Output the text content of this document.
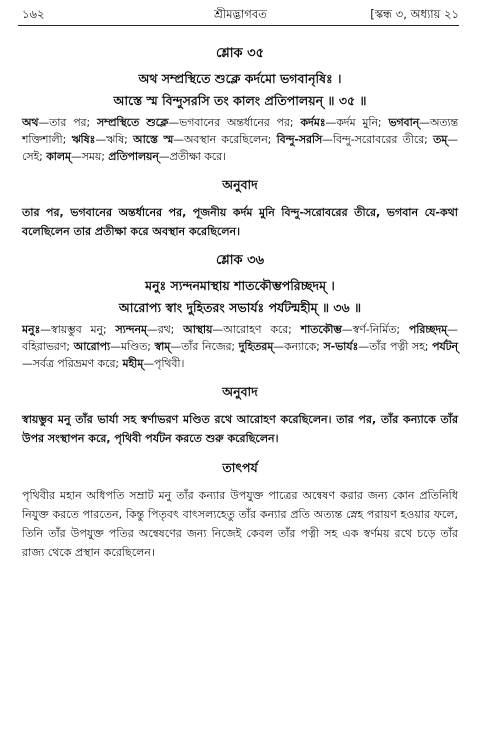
১৬২	শ্রীমদ্ভাগবত	[স্কন্ধ ৩, অধ্যায় ২১
শ্লোক ৩৫
অথ সম্প্রস্থিতে শুক্লে কর্দমো ভগবানৃষিঃ ।
আস্তে স্ম বিন্দুসরসি তং কালং প্রতিপালয়ন্ ॥ ৩৫ ॥

অথ—তার পর; সম্প্রস্থিতে শুক্লে—ভগবানের অন্তর্ধানের পর; কর্দমঃ—কর্দম মুনি; ভগবান্—অত্যন্ত শক্তিশালী; ঋষিঃ—ঋষি; আস্তে স্ম—অবস্থান করেছিলেন; বিন্দু-সরসি—বিন্দু-সরোবরের তীরে; তম্—সেই; কালম্—সময়; প্রতিপালয়ন্—প্রতীক্ষা করে।

অনুবাদ

তার পর, ভগবানের অন্তর্ধানের পর, পূজনীয় কর্দম মুনি বিন্দু-সরোবরের তীরে, ভগবান যে-কথা বলেছিলেন তার প্রতীক্ষা করে অবস্থান করেছিলেন।

শ্লোক ৩৬
মনুঃ স্যন্দনমাস্থায় শাতকৌম্ভপরিচ্ছদম্ ।
আরোপ্য স্বাং দুহিতরং সভার্যঃ পর্যটন্মহীম্ ॥ ৩৬ ॥

মনুঃ—স্বায়ম্ভুব মনু; স্যন্দনম্—রথ; আস্থায়—আরোহণ করে; শাতকৌম্ভ—স্বর্ণ-নির্মিত; পরিচ্ছদম্—বহিরাভরণ; আরোপ্য—মণ্ডিত; স্বাম্—তাঁর নিজের; দুহিতরম্—কন্যাকে; স-ভার্যঃ—তাঁর পত্নী সহ; পর্যটন্—সর্বত্র পরিভ্রমণ করে; মহীম্—পৃথিবী।

অনুবাদ

স্বায়ম্ভুব মনু তাঁর ভার্যা সহ স্বর্ণাভরণ মণ্ডিত রথে আরোহণ করেছিলেন। তার পর, তাঁর কন্যাকে তাঁর উপর সংস্থাপন করে, পৃথিবী পর্যটন করতে শুরু করেছিলেন।

তাৎপর্য

পৃথিবীর মহান অধিপতি সম্রাট মনু তাঁর কন্যার উপযুক্ত পাত্রের অন্বেষণ করার জন্য কোন প্রতিনিধি নিযুক্ত করতে পারতেন, কিন্তু পিতৃবৎ বাৎসল্যহেতু তাঁর কন্যার প্রতি অত্যন্ত স্নেহ পরায়ণ হওয়ার ফলে, তিনি তাঁর উপযুক্ত পতির অন্বেষণের জন্য নিজেই কেবল তাঁর পত্নী সহ এক স্বর্ণময় রথে চড়ে তাঁর রাজ্য থেকে প্রস্থান করেছিলেন।
